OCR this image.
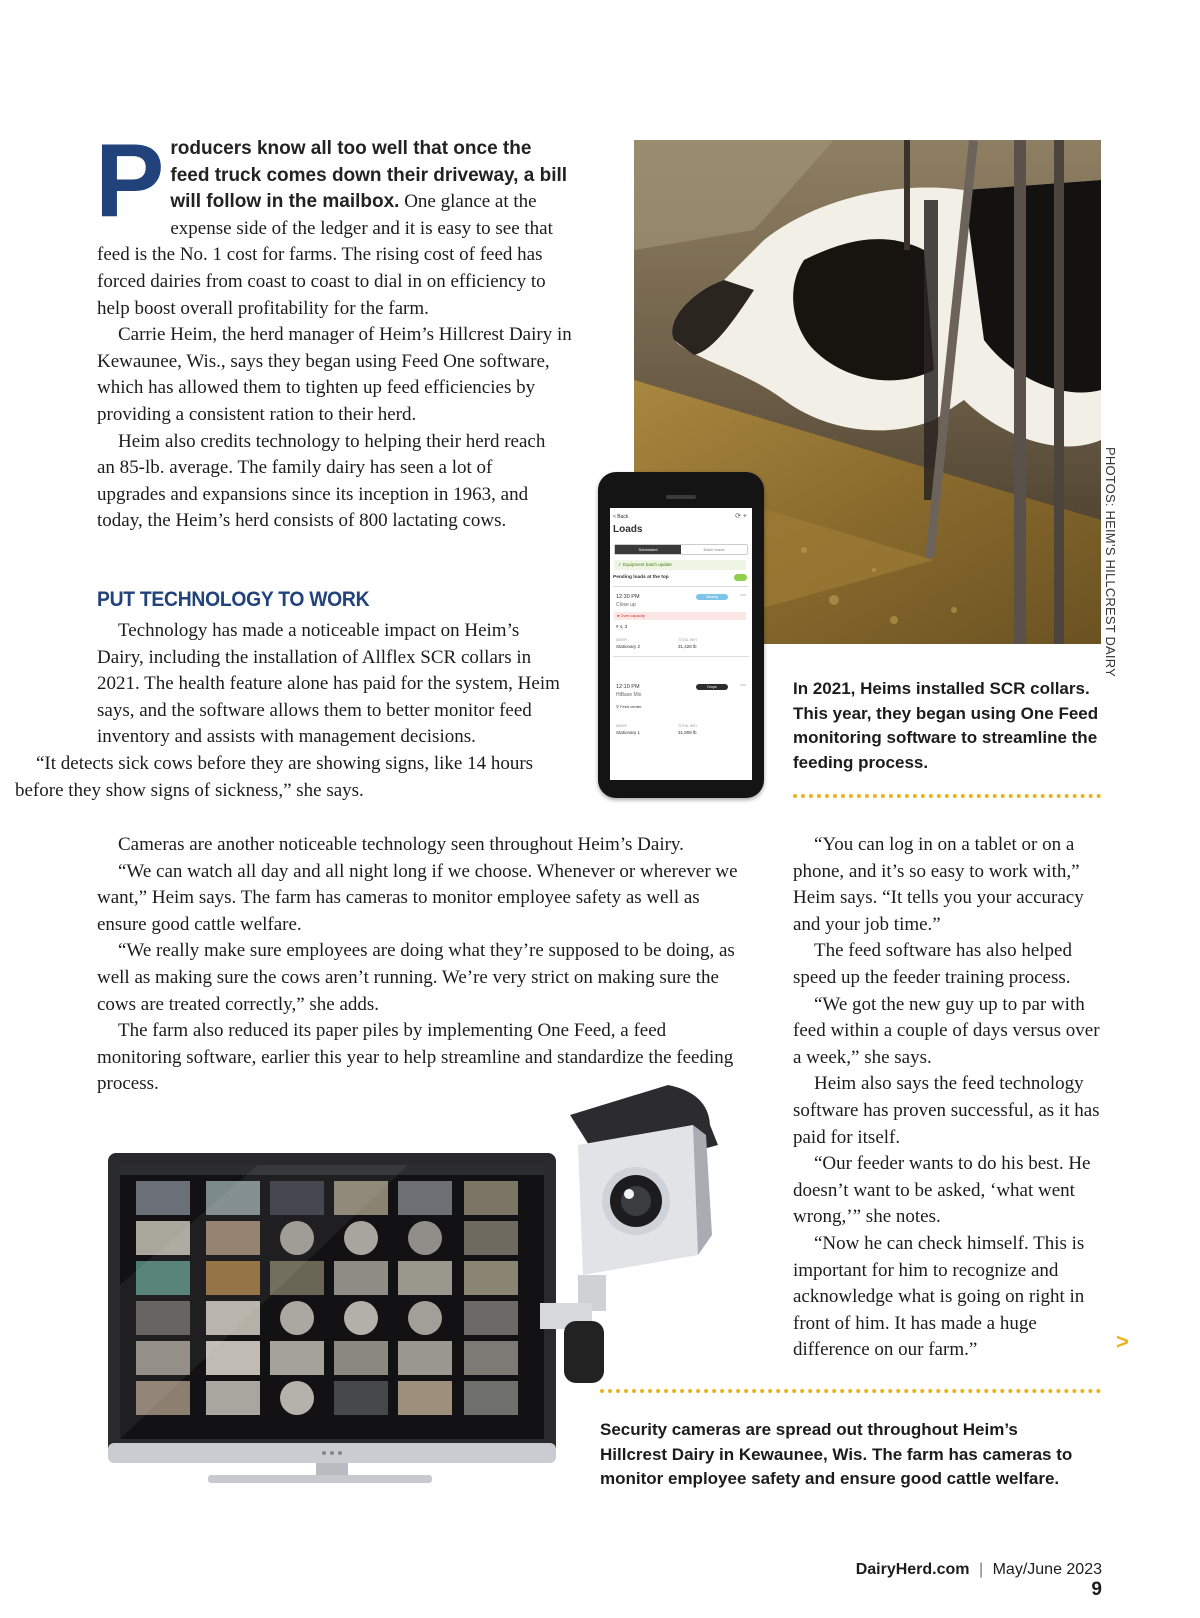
Producers know all too well that once the feed truck comes down their driveway, a bill will follow in the mailbox. One glance at the expense side of the ledger and it is easy to see that feed is the No. 1 cost for farms. The rising cost of feed has forced dairies from coast to coast to dial in on efficiency to help boost overall profitability for the farm.

Carrie Heim, the herd manager of Heim’s Hillcrest Dairy in Kewaunee, Wis., says they began using Feed One software, which has allowed them to tighten up feed efficiencies by providing a consistent ration to their herd.

Heim also credits technology to helping their herd reach an 85-lb. average. The family dairy has seen a lot of upgrades and expansions since its inception in 1963, and today, the Heim’s herd consists of 800 lactating cows.

PUT TECHNOLOGY TO WORK

Technology has made a noticeable impact on Heim’s Dairy, including the installation of Allflex SCR collars in 2021. The health feature alone has paid for the system, Heim says, and the software allows them to better monitor feed inventory and assists with management decisions.

“It detects sick cows before they are showing signs, like 14 hours before they show signs of sickness,” she says.

Cameras are another noticeable technology seen throughout Heim’s Dairy.

“We can watch all day and all night long if we choose. Whenever or wherever we want,” Heim says. The farm has cameras to monitor employee safety as well as ensure good cattle welfare.

“We really make sure employees are doing what they’re supposed to be doing, as well as making sure the cows aren’t running. We’re very strict on making sure the cows are treated correctly,” she adds.

The farm also reduced its paper piles by implementing One Feed, a feed monitoring software, earlier this year to help streamline and standardize the feeding process.

“You can log in on a tablet or on a phone, and it’s so easy to work with,” Heim says. “It tells you your accuracy and your job time.”

The feed software has also helped speed up the feeder training process.

“We got the new guy up to par with feed within a couple of days versus over a week,” she says.

Heim also says the feed technology software has proven successful, as it has paid for itself.

“Our feeder wants to do his best. He doesn’t want to be asked, ‘what went wrong,’” she notes.

“Now he can check himself. This is important for him to recognize and acknowledge what is going on right in front of him. It has made a huge difference on our farm.”

PHOTOS: HEIM’S HILLCREST DAIRY
< Back	⟳ +
Loads
Scheduled	Batch loads
✓ Equipment batch update
Pending loads at the top
12:30 PM
Close up
Missing	⋯
● Over capacity
# 4, 3
MIXER	TOTAL WIH
Stationary 2	31,428 lb
12:10 PM
HiBase Mix
Drops	⋯
⚲ Feed center
MIXER	TOTAL WIH
Stationary 1	31,909 lb
In 2021, Heims installed SCR collars. This year, they began using One Feed monitoring software to streamline the feeding process.
>
Security cameras are spread out throughout Heim’s Hillcrest Dairy in Kewaunee, Wis. The farm has cameras to monitor employee safety and ensure good cattle welfare.
DairyHerd.com | May/June 2023 9
